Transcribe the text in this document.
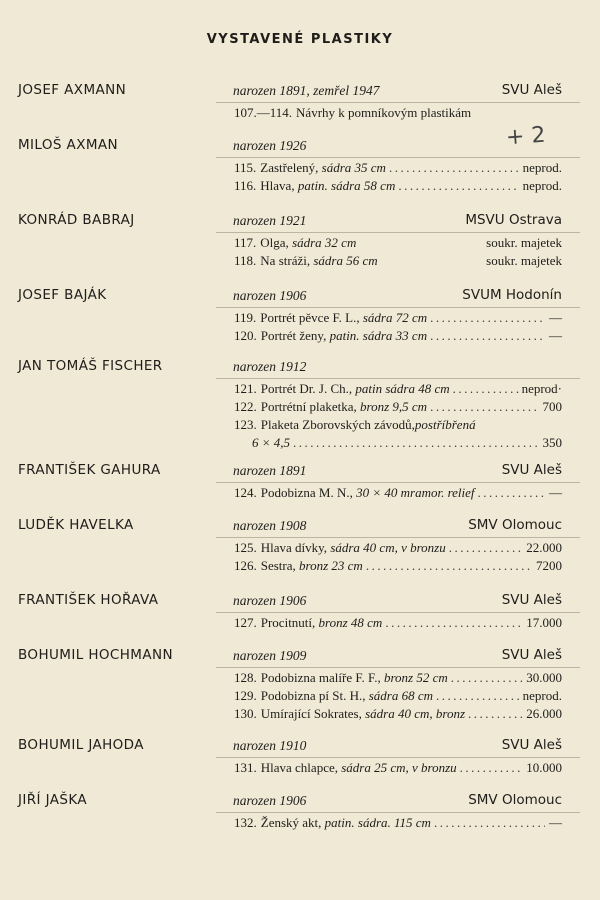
VYSTAVENÉ PLASTIKY
+ 2
JOSEF AXMANN	narozen 1891, zemřel 1947	SVU Aleš
107.—114. Návrhy k pomníkovým plastikám
MILOŠ AXMAN	narozen 1926
115. Zastřelený, sádra 35 cm .....	neprod.
116. Hlava, patin. sádra 58 cm .....	neprod.
KONRÁD BABRAJ	narozen 1921	MSVU Ostrava
117. Olga, sádra 32 cm	soukr. majetek
118. Na stráži, sádra 56 cm	soukr. majetek
JOSEF BAJÁK	narozen 1906	SVUM Hodonín
119. Portrét pěvce F. L., sádra 72 cm .....	—
120. Portrét ženy, patin. sádra 33 cm .....	—
JAN TOMÁŠ FISCHER	narozen 1912
121. Portrét Dr. J. Ch., patin sádra 48 cm .....	neprod·
122. Portrétní plaketka, bronz 9,5 cm .....	700
123. Plaketa Zborovských závodů, postříbřená
6 × 4,5 .....	350
FRANTIŠEK GAHURA	narozen 1891	SVU Aleš
124. Podobizna M. N., 30 × 40 mramor. relief .....	—
LUDĚK HAVELKA	narozen 1908	SMV Olomouc
125. Hlava dívky, sádra 40 cm, v bronzu .....	22.000
126. Sestra, bronz 23 cm .....	7200
FRANTIŠEK HOŘAVA	narozen 1906	SVU Aleš
127. Procitnutí, bronz 48 cm .....	17.000
BOHUMIL HOCHMANN	narozen 1909	SVU Aleš
128. Podobizna malíře F. F., bronz 52 cm .....	30.000
129. Podobizna pí St. H., sádra 68 cm .....	neprod.
130. Umírající Sokrates, sádra 40 cm, bronz .....	26.000
BOHUMIL JAHODA	narozen 1910	SVU Aleš
131. Hlava chlapce, sádra 25 cm, v bronzu .....	10.000
JIŘÍ JAŠKA	narozen 1906	SMV Olomouc
132. Ženský akt, patin. sádra. 115 cm .....	—
